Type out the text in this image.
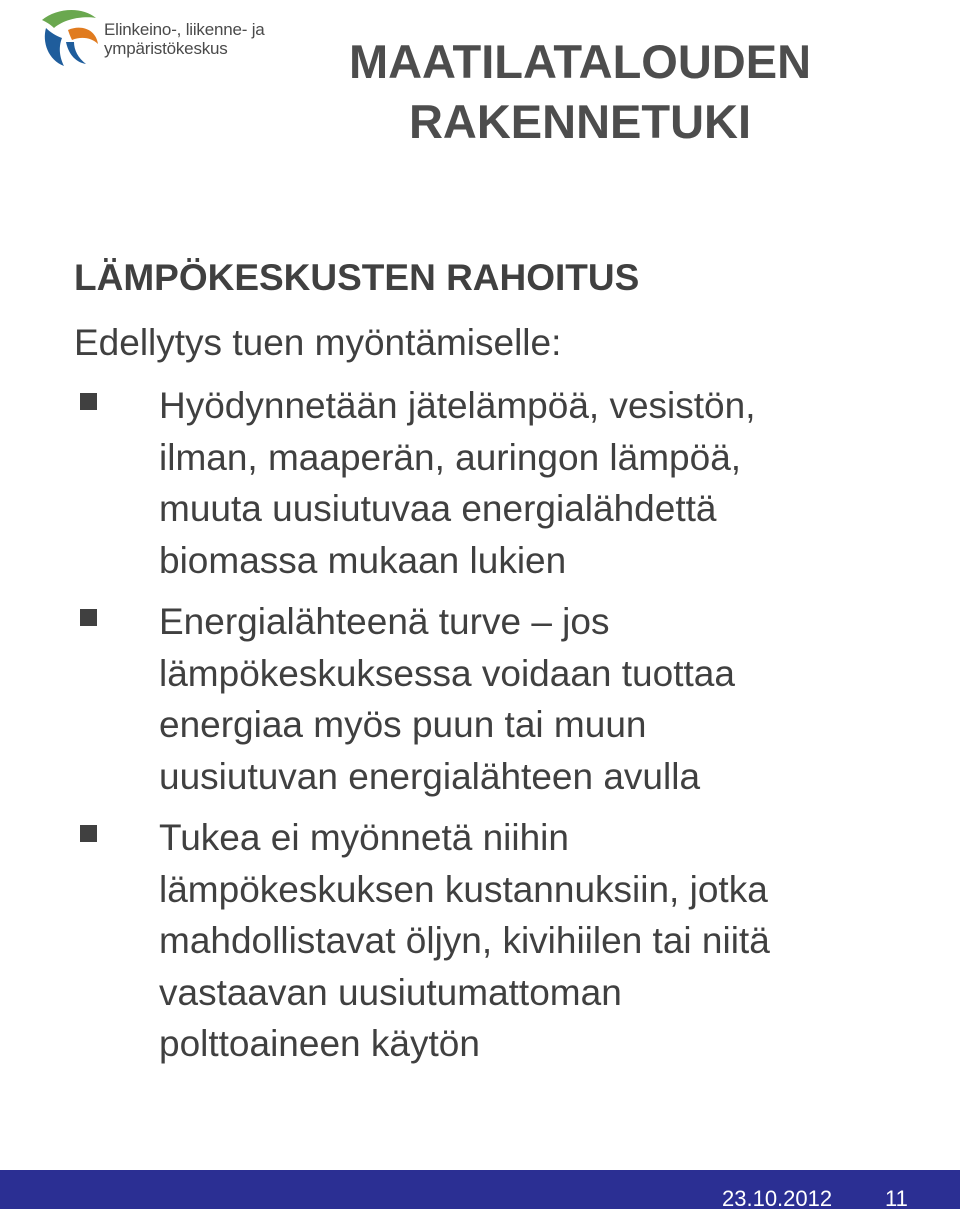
Elinkeino-, liikenne- ja
ympäristökeskus	MAATILATALOUDEN
RAKENNETUKI
LÄMPÖKESKUSTEN RAHOITUS
Edellytys tuen myöntämiselle:
Hyödynnetään jätelämpöä, vesistön,
ilman, maaperän, auringon lämpöä,
muuta uusiutuvaa energialähdettä
biomassa mukaan lukien
Energialähteenä turve – jos
lämpökeskuksessa voidaan tuottaa
energiaa myös puun tai muun
uusiutuvan energialähteen avulla
Tukea ei myönnetä niihin
lämpökeskuksen kustannuksiin, jotka
mahdollistavat öljyn, kivihiilen tai niitä
vastaavan uusiutumattoman
polttoaineen käytön
23.10.2012 11
